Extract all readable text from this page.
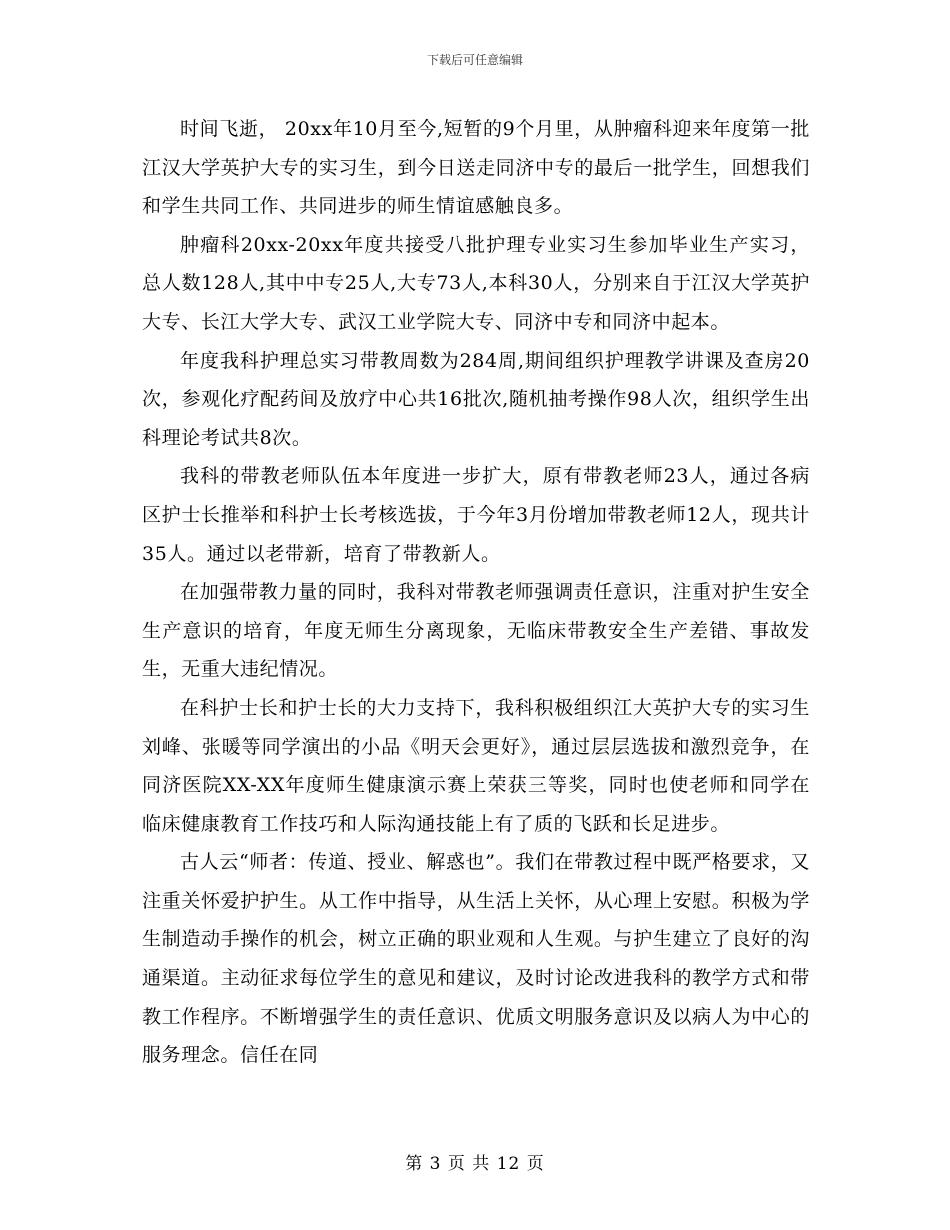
下载后可任意编辑

时间飞逝， 20xx年10月至今,短暂的9个月里，从肿瘤科迎来年度第一批江汉大学英护大专的实习生，到今日送走同济中专的最后一批学生，回想我们和学生共同工作、共同进步的师生情谊感触良多。

肿瘤科20xx-20xx年度共接受八批护理专业实习生参加毕业生产实习，总人数128人,其中中专25人,大专73人,本科30人，分别来自于江汉大学英护大专、长江大学大专、武汉工业学院大专、同济中专和同济中起本。

年度我科护理总实习带教周数为284周,期间组织护理教学讲课及查房20次，参观化疗配药间及放疗中心共16批次,随机抽考操作98人次，组织学生出科理论考试共8次。

我科的带教老师队伍本年度进一步扩大，原有带教老师23人，通过各病区护士长推举和科护士长考核选拔，于今年3月份增加带教老师12人，现共计35人。通过以老带新，培育了带教新人。

在加强带教力量的同时，我科对带教老师强调责任意识，注重对护生安全生产意识的培育，年度无师生分离现象，无临床带教安全生产差错、事故发生，无重大违纪情况。

在科护士长和护士长的大力支持下，我科积极组织江大英护大专的实习生刘峰、张暖等同学演出的小品《明天会更好》，通过层层选拔和激烈竞争，在同济医院XX-XX年度师生健康演示赛上荣获三等奖，同时也使老师和同学在临床健康教育工作技巧和人际沟通技能上有了质的飞跃和长足进步。

古人云“师者：传道、授业、解惑也”。我们在带教过程中既严格要求，又注重关怀爱护护生。从工作中指导，从生活上关怀，从心理上安慰。积极为学生制造动手操作的机会，树立正确的职业观和人生观。与护生建立了良好的沟通渠道。主动征求每位学生的意见和建议，及时讨论改进我科的教学方式和带教工作程序。不断增强学生的责任意识、优质文明服务意识及以病人为中心的服务理念。信任在同

第 3 页 共 12 页
